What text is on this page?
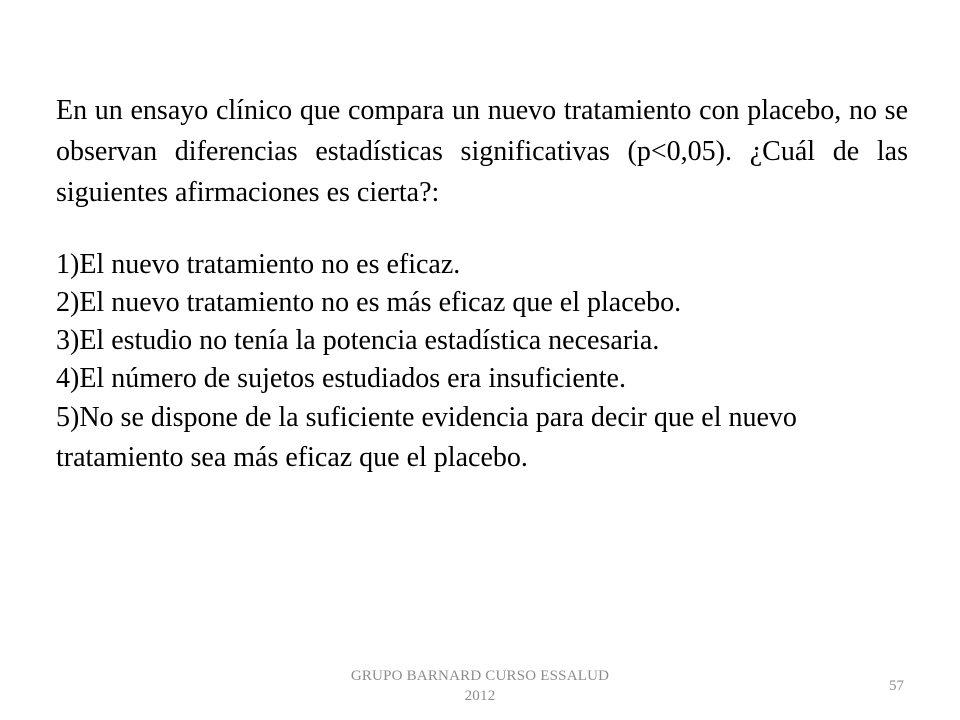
En un ensayo clínico que compara un nuevo tratamiento con placebo, no se observan diferencias estadísticas significativas (p<0,05). ¿Cuál de las siguientes afirmaciones es cierta?:

1)El nuevo tratamiento no es eficaz.
2)El nuevo tratamiento no es más eficaz que el placebo.
3)El estudio no tenía la potencia estadística necesaria.
4)El número de sujetos estudiados era insuficiente.
5)No se dispone de la suficiente evidencia para decir que el nuevo tratamiento sea más eficaz que el placebo.
GRUPO BARNARD CURSO ESSALUD
2012
57
